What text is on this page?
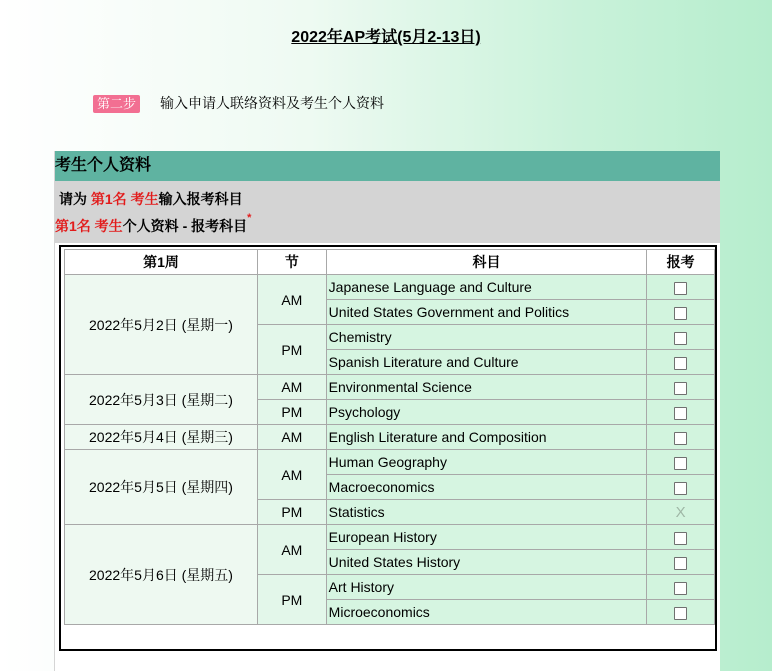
2022年AP考试(5月2-13日)
第二步 输入申请人联络资料及考生个人资料
考生个人资料
请为 第1名 考生输入报考科目
第1名 考生个人资料 - 报考科目*
第1周	节	科目	报考
2022年5月2日 (星期一)	AM	Japanese Language and Culture	
		United States Government and Politics	
	PM	Chemistry	
		Spanish Literature and Culture	
2022年5月3日 (星期二)	AM	Environmental Science	
	PM	Psychology	
2022年5月4日 (星期三)	AM	English Literature and Composition	
2022年5月5日 (星期四)	AM	Human Geography	
		Macroeconomics	
	PM	Statistics	X
2022年5月6日 (星期五)	AM	European History	
		United States History	
	PM	Art History	
		Microeconomics	
